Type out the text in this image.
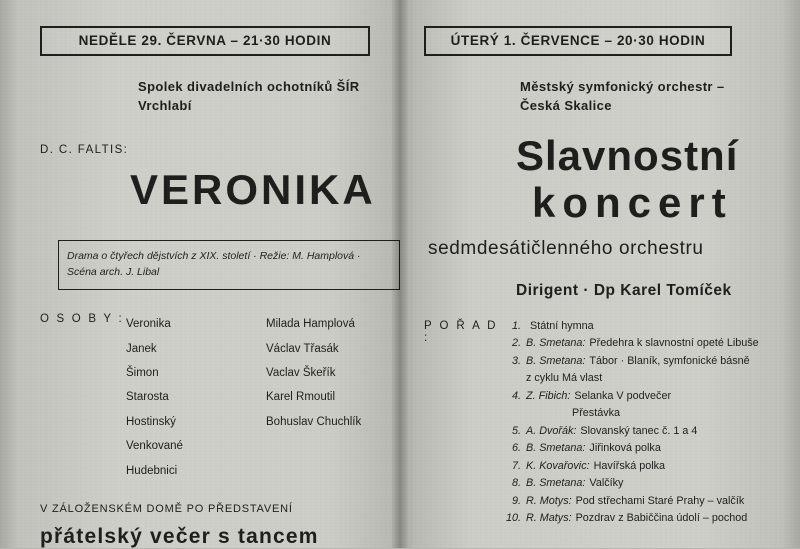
NEDĚLE 29. ČERVNA – 21·30 HODIN
Spolek divadelních ochotníků ŠÍR
Vrchlabí
D. C. FALTIS:
VERONIKA
Drama o čtyřech dějstvích z XIX. století · Režie: M. Hamplová ·
Scéna arch. J. Libal
O S O B Y : Veronika
Janek
Šimon
Starosta
Hostinský
Venkované
Hudebnici
Milada Hamplová
Václav Třasák
Vaclav Škeřík
Karel Rmoutil
Bohuslav Chuchlík
V ZÁLOŽENSKÉM DOMĚ PO PŘEDSTAVENÍ
přátelský večer s tancem
ÚTERÝ 1. ČERVENCE – 20·30 HODIN
Městský symfonický orchestr –
Česká Skalice
Slavnostní
koncert
sedmdesátičlenného orchestru
Dirigent · Dp Karel Tomíček
P O Ř A D :
1. Státní hymna
2. B. Smetana: Předehra k slavnostní opeté Libuše
3. B. Smetana: Tábor · Blaník, symfonické básně
z cyklu Má vlast
4. Z. Fibich: Selanka V podvečer
Přestávka
5. A. Dvořák: Slovanský tanec č. 1 a 4
6. B. Smetana: Jiřinková polka
7. K. Kovařovic: Havířská polka
8. B. Smetana: Valčíky
9. R. Motys: Pod střechami Staré Prahy – valčík
10. R. Matys: Pozdrav z Babiččina údolí – pochod
